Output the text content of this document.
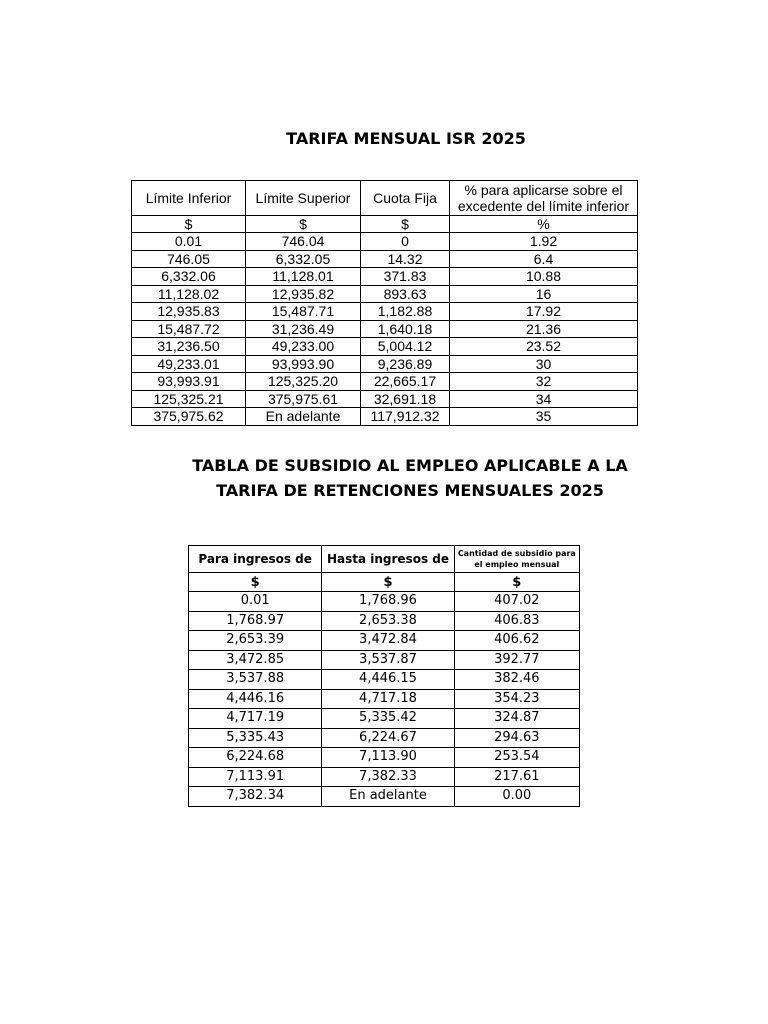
TARIFA MENSUAL ISR 2025
Límite Inferior	Límite Superior	Cuota Fija	% para aplicarse sobre el excedente del límite inferior
$	$	$	%
0.01	746.04	0	1.92
746.05	6,332.05	14.32	6.4
6,332.06	11,128.01	371.83	10.88
11,128.02	12,935.82	893.63	16
12,935.83	15,487.71	1,182.88	17.92
15,487.72	31,236.49	1,640.18	21.36
31,236.50	49,233.00	5,004.12	23.52
49,233.01	93,993.90	9,236.89	30
93,993.91	125,325.20	22,665.17	32
125,325.21	375,975.61	32,691.18	34
375,975.62	En adelante	117,912.32	35
TABLA DE SUBSIDIO AL EMPLEO APLICABLE A LA TARIFA DE RETENCIONES MENSUALES 2025
Para ingresos de	Hasta ingresos de	Cantidad de subsidio para el empleo mensual
$	$	$
0.01	1,768.96	407.02
1,768.97	2,653.38	406.83
2,653.39	3,472.84	406.62
3,472.85	3,537.87	392.77
3,537.88	4,446.15	382.46
4,446.16	4,717.18	354.23
4,717.19	5,335.42	324.87
5,335.43	6,224.67	294.63
6,224.68	7,113.90	253.54
7,113.91	7,382.33	217.61
7,382.34	En adelante	0.00
